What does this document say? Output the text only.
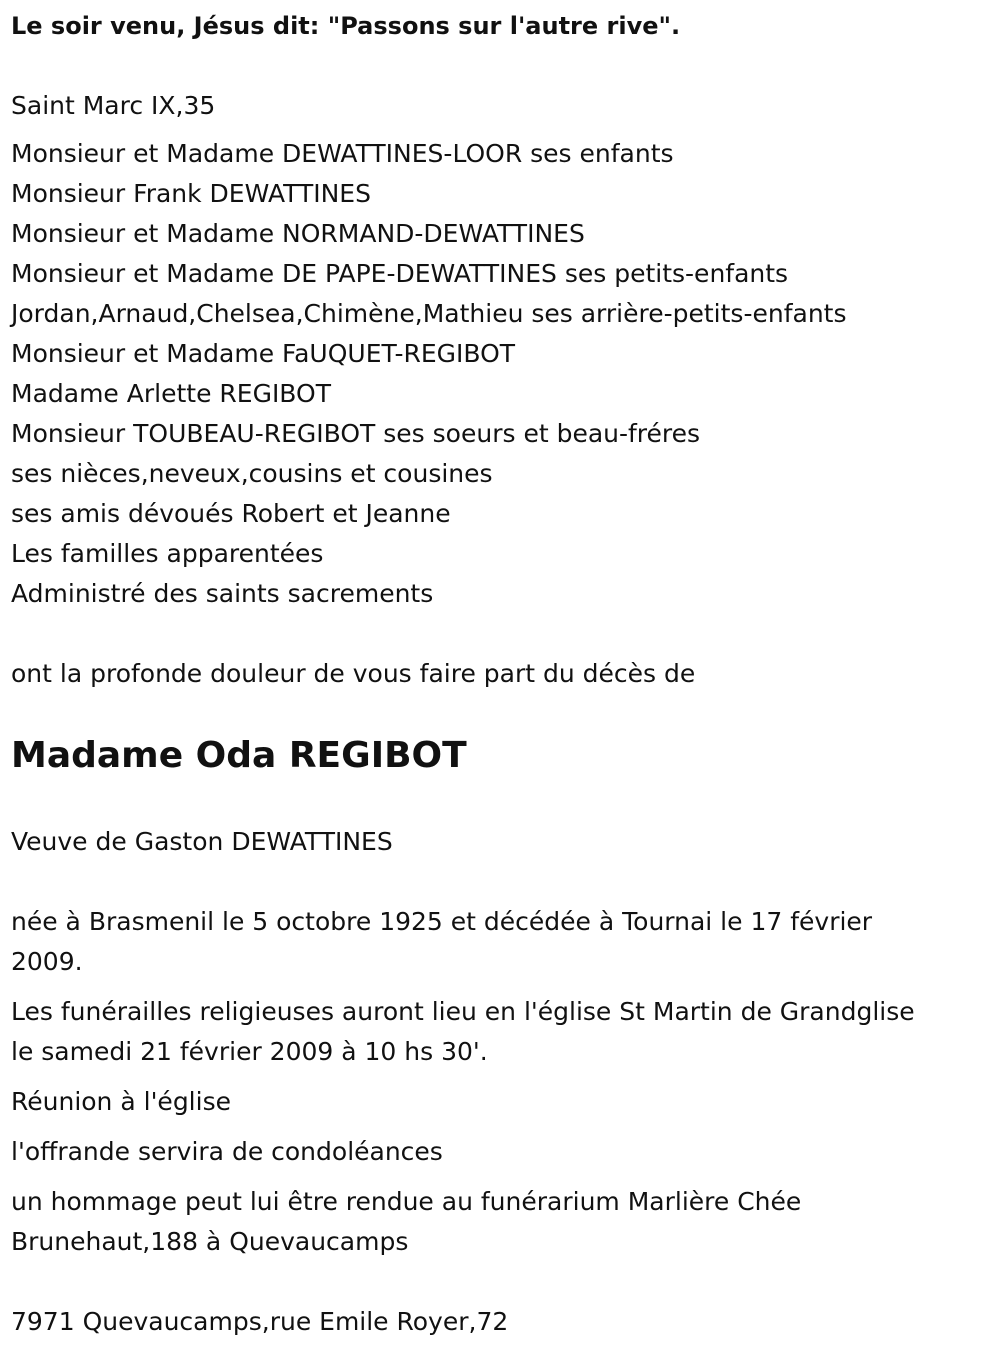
Le soir venu, Jésus dit: "Passons sur l'autre rive".
Saint Marc IX,35
Monsieur et Madame DEWATTINES-LOOR ses enfants
Monsieur Frank DEWATTINES
Monsieur et Madame NORMAND-DEWATTINES
Monsieur et Madame DE PAPE-DEWATTINES ses petits-enfants
Jordan,Arnaud,Chelsea,Chimène,Mathieu ses arrière-petits-enfants
Monsieur et Madame FaUQUET-REGIBOT
Madame Arlette REGIBOT
Monsieur TOUBEAU-REGIBOT ses soeurs et beau-fréres
ses nièces,neveux,cousins et cousines
ses amis dévoués Robert et Jeanne
Les familles apparentées
Administré des saints sacrements
ont la profonde douleur de vous faire part du décès de
Madame Oda REGIBOT
Veuve de Gaston DEWATTINES
née à Brasmenil le 5 octobre 1925 et décédée à Tournai le 17 février
2009.
Les funérailles religieuses auront lieu en l'église St Martin de Grandglise
le samedi 21 février 2009 à 10 hs 30'.
Réunion à l'église
l'offrande servira de condoléances
un hommage peut lui être rendue au funérarium Marlière Chée
Brunehaut,188 à Quevaucamps
7971 Quevaucamps,rue Emile Royer,72
